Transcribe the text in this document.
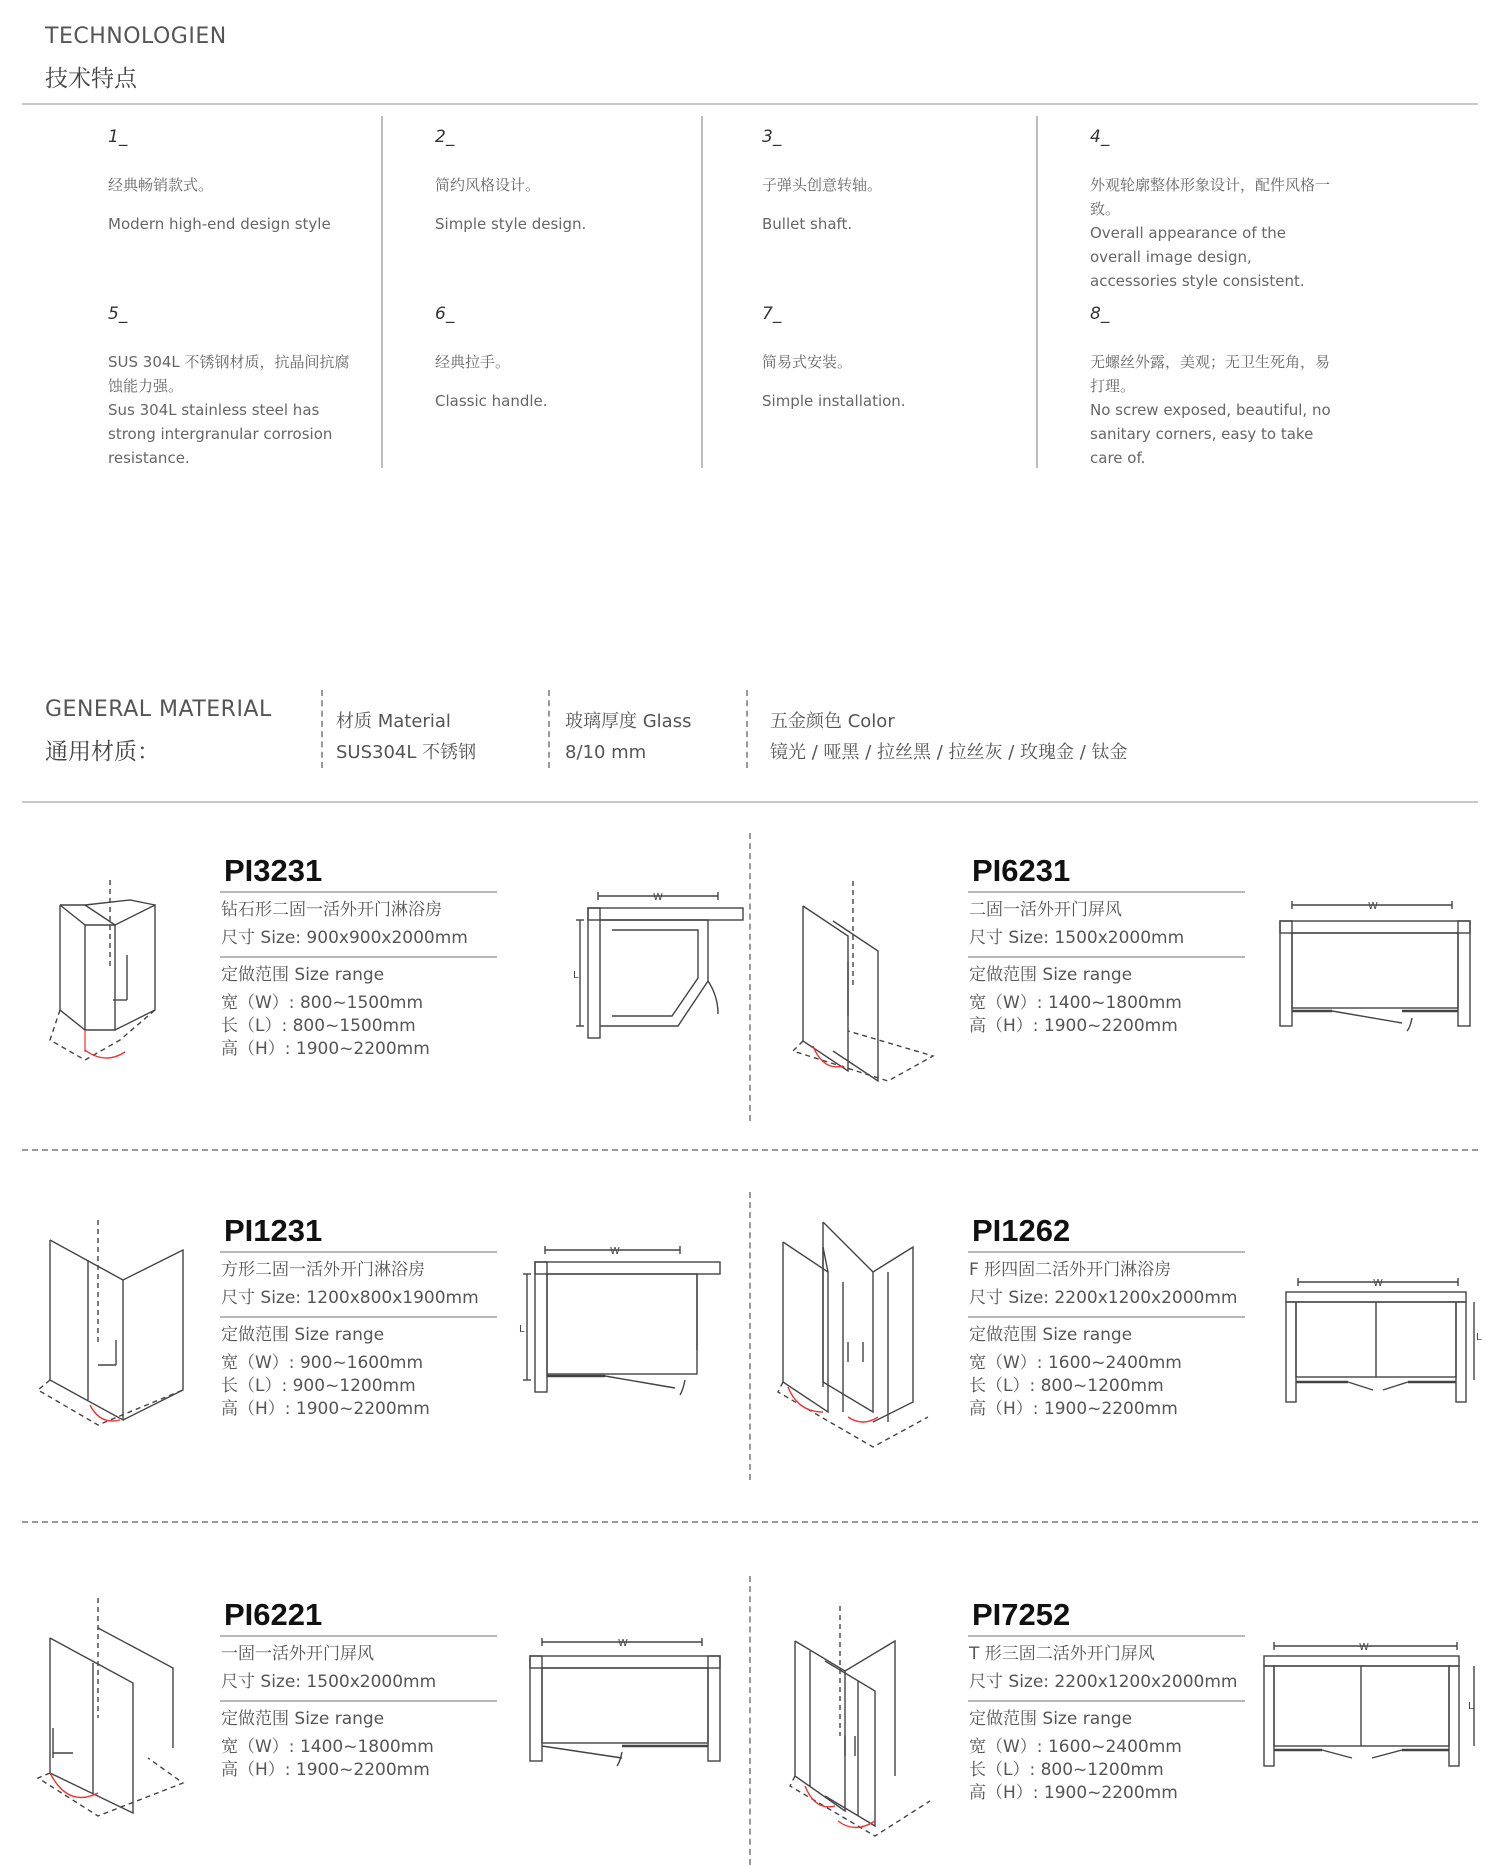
TECHNOLOGIEN
技术特点
1_
经典畅销款式。
Modern high-end design style
2_
简约风格设计。
Simple style design.
3_
子弹头创意转轴。
Bullet shaft.
4_
外观轮廓整体形象设计，配件风格一致。
Overall appearance of the overall image design, accessories style consistent.
5_
SUS 304L 不锈钢材质，抗晶间抗腐蚀能力强。
Sus 304L stainless steel has strong intergranular corrosion resistance.
6_
经典拉手。
Classic handle.
7_
简易式安装。
Simple installation.
8_
无螺丝外露，美观；无卫生死角，易打理。
No screw exposed, beautiful, no sanitary corners, easy to take care of.
GENERAL MATERIAL
通用材质：
材质 Material
SUS304L 不锈钢
玻璃厚度 Glass
8/10 mm
五金颜色 Color
镜光 / 哑黑 / 拉丝黑 / 拉丝灰 / 玫瑰金 / 钛金
W
L
PI3231
钻石形二固一活外开门淋浴房
尺寸 Size: 900x900x2000mm
定做范围 Size range
宽（W）: 800~1500mm
长（L）: 800~1500mm
高（H）: 1900~2200mm
W
PI6231
二固一活外开门屏风
尺寸 Size: 1500x2000mm
定做范围 Size range
宽（W）: 1400~1800mm
高（H）: 1900~2200mm
W
L
PI1231
方形二固一活外开门淋浴房
尺寸 Size: 1200x800x1900mm
定做范围 Size range
宽（W）: 900~1600mm
长（L）: 900~1200mm
高（H）: 1900~2200mm
W
L
PI1262
F 形四固二活外开门淋浴房
尺寸 Size: 2200x1200x2000mm
定做范围 Size range
宽（W）: 1600~2400mm
长（L）: 800~1200mm
高（H）: 1900~2200mm
W
PI6221
一固一活外开门屏风
尺寸 Size: 1500x2000mm
定做范围 Size range
宽（W）: 1400~1800mm
高（H）: 1900~2200mm
W
L
PI7252
T 形三固二活外开门屏风
尺寸 Size: 2200x1200x2000mm
定做范围 Size range
宽（W）: 1600~2400mm
长（L）: 800~1200mm
高（H）: 1900~2200mm
